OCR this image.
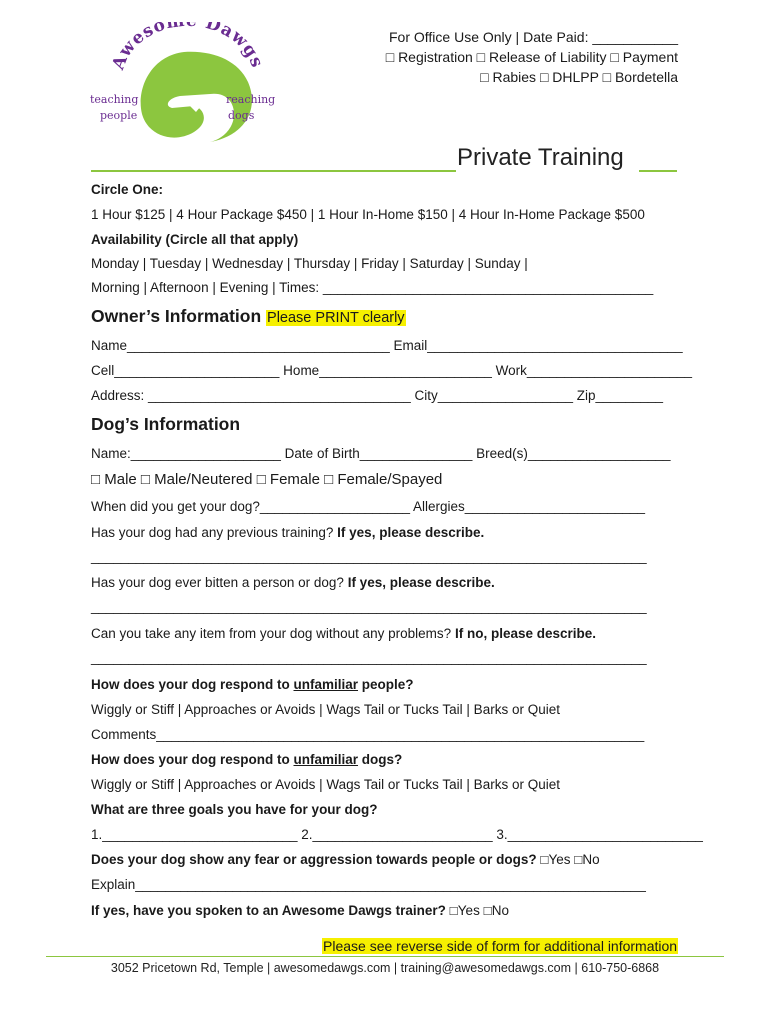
Aweso Dawgs
teaching
people
reaching
dogs
For Office Use Only | Date Paid: ___________
□ Registration □ Release of Liability □ Payment
□ Rabies □ DHLPP □ Bordetella
Private Training
Circle One:
1 Hour $125 | 4 Hour Package $450 | 1 Hour In-Home $150 | 4 Hour In-Home Package $500
Availability (Circle all that apply)
Monday | Tuesday | Wednesday | Thursday | Friday | Saturday | Sunday |
Morning | Afternoon | Evening | Times: ____________________________________________
Owner’s Information Please PRINT clearly
Name___________________________________ Email__________________________________
Cell______________________ Home_______________________ Work______________________
Address: ___________________________________ City__________________ Zip_________
Dog’s Information
Name:____________________ Date of Birth_______________ Breed(s)___________________
□ Male □ Male/Neutered □ Female □ Female/Spayed
When did you get your dog?____________________ Allergies________________________
Has your dog had any previous training? If yes, please describe.
__________________________________________________________________________
Has your dog ever bitten a person or dog? If yes, please describe.
__________________________________________________________________________
Can you take any item from your dog without any problems? If no, please describe.
__________________________________________________________________________
How does your dog respond to unfamiliar people?
Wiggly or Stiff | Approaches or Avoids | Wags Tail or Tucks Tail | Barks or Quiet
Comments_________________________________________________________________
How does your dog respond to unfamiliar dogs?
Wiggly or Stiff | Approaches or Avoids | Wags Tail or Tucks Tail | Barks or Quiet
What are three goals you have for your dog?
1.__________________________ 2.________________________ 3.__________________________
Does your dog show any fear or aggression towards people or dogs? □Yes □No
Explain____________________________________________________________________
If yes, have you spoken to an Awesome Dawgs trainer? □Yes □No
Please see reverse side of form for additional information
3052 Pricetown Rd, Temple | awesomedawgs.com | training@awesomedawgs.com | 610-750-6868
